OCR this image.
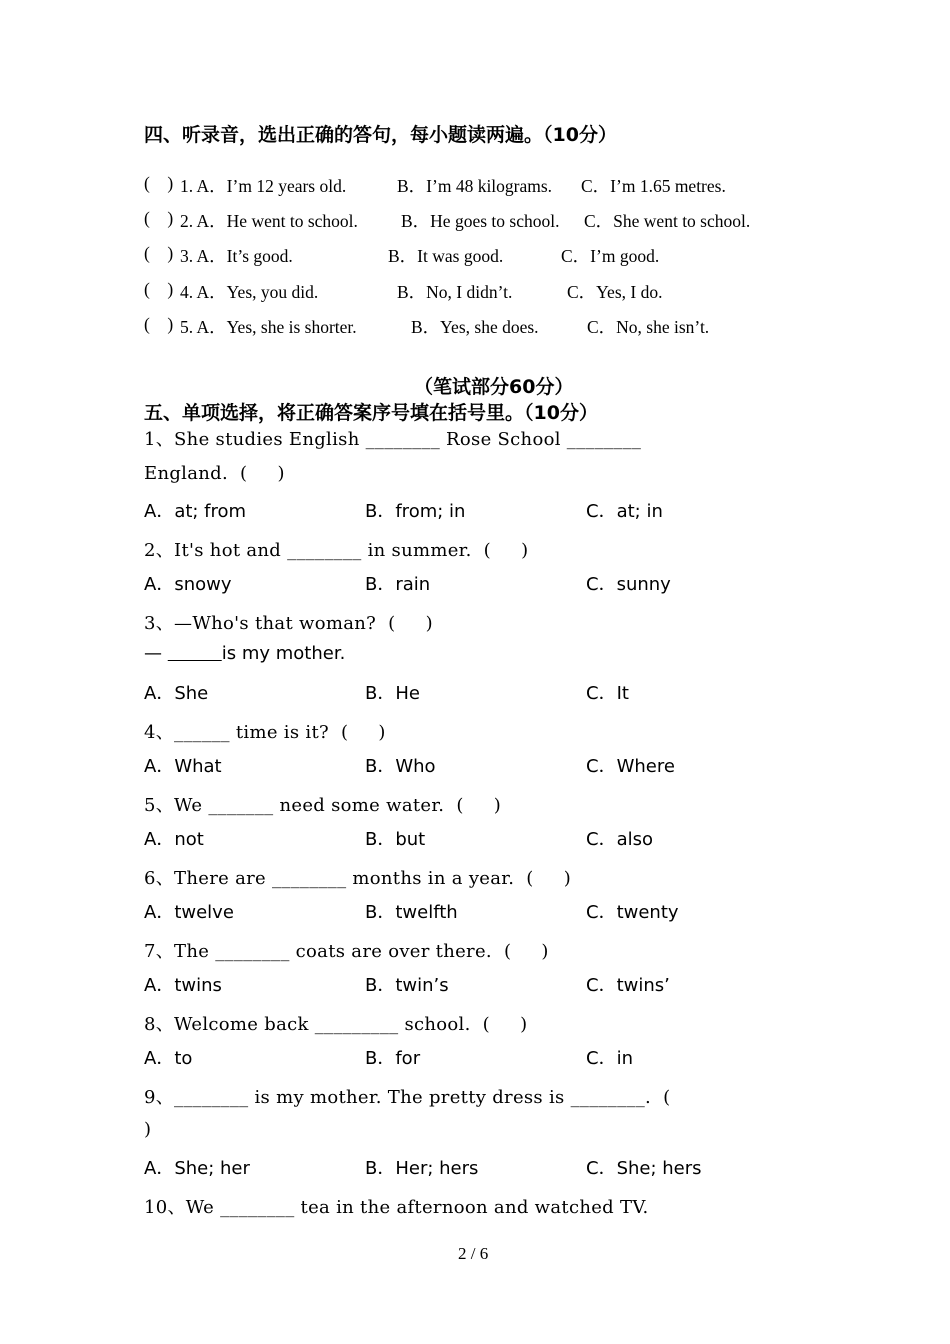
四、听录音，选出正确的答句，每小题读两遍。（10分）
(    ) 1. A．I’m 12 years old.	B．I’m 48 kilograms. C．I’m 1.65 metres.
(    ) 2. A．He went to school. B．He goes to school. C．She went to school.
(    ) 3. A．It’s good.	B．It was good.	C．I’m good.
(    ) 4. A．Yes, you did.	B．No, I didn’t.	C．Yes, I do.
(    ) 5. A．Yes, she is shorter.	B．Yes, she does.	C．No, she isn’t.
（笔试部分60分）
五、单项选择，将正确答案序号填在括号里。（10分）
1、She studies English ________ Rose School ________
England.  (     )
A．at; from	B．from; in	C．at; in
2、It's hot and ________ in summer.  (     )
A．snowy	B．rain	C．sunny
3、—Who's that woman?  (     )
— ______is my mother.
A．She	B．He	C．It
4、______ time is it?  (     )
A．What	B．Who	C．Where
5、We _______ need some water.  (     )
A．not	B．but	C．also
6、There are ________ months in a year.  (     )
A．twelve	B．twelfth	C．twenty
7、The ________ coats are over there.  (     )
A．twins	B．twin’s	C．twins’
8、Welcome back _________ school.  (     )
A．to	B．for	C．in
9、________ is my mother. The pretty dress is ________.  (
)
A．She; her	B．Her; hers	C．She; hers
10、We ________ tea in the afternoon and watched TV.
2 / 6
